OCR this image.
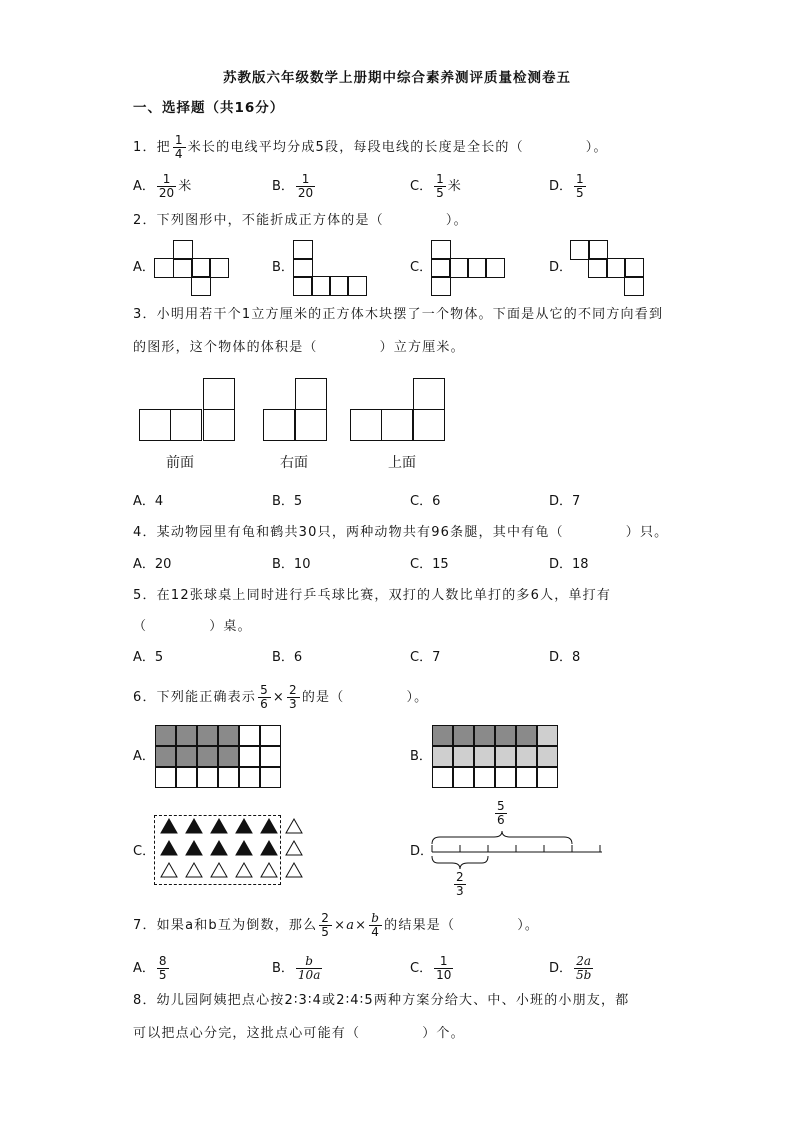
苏教版六年级数学上册期中综合素养测评质量检测卷五
一、选择题（共16分）
1．把 $\frac{1}{4}$ 米长的电线平均分成5段，每段电线的长度是全长的（	）。
A． $\frac{1}{20}$ 米	B． $\frac{1}{20}$	C． $\frac{1}{5}$ 米	D． $\frac{1}{5}$
2．下列图形中，不能折成正方体的是（	）。
A．	B．	C．	D．
3．小明用若干个1立方厘米的正方体木块摆了一个物体。下面是从它的不同方向看到
的图形，这个物体的体积是（	）立方厘米。
前面	右面	上面
A．4	B．5	C．6	D．7
4．某动物园里有龟和鹤共30只，两种动物共有96条腿，其中有龟（	）只。
A．20	B．10	C．15	D．18
5．在12张球桌上同时进行乒乓球比赛，双打的人数比单打的多6人，单打有
（	）桌。
A．5	B．6	C．7	D．8
6．下列能正确表示 $\frac{5}{6} \times \frac{2}{3}$ 的是（	）。
A．	B．
C．	D．
$\frac{5}{6}$
$\frac{2}{3}$
7．如果a和b互为倒数，那么 $\frac{2}{5} \times a\times \frac{b}{4}$ 的结果是（	）。
A． $\frac{8}{5}$	B． $\frac{b}{10a}$	C． $\frac{1}{10}$	D． $\frac{2a}{5b}$
8．幼儿园阿姨把点心按2∶3∶4或2∶4∶5两种方案分给大、中、小班的小朋友，都
可以把点心分完，这批点心可能有（	）个。
